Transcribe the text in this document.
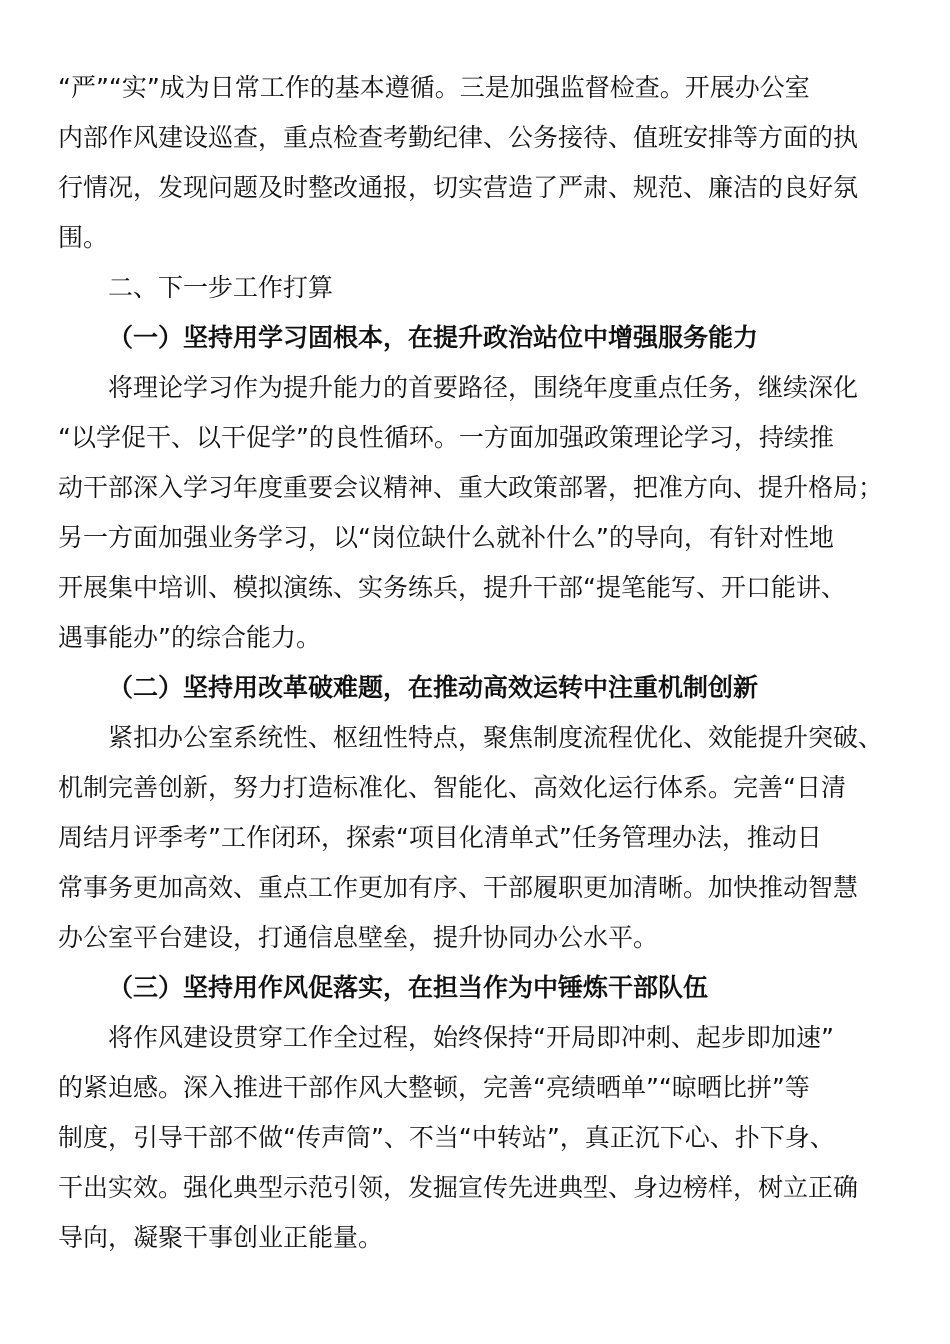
“严”“实”成为日常工作的基本遵循。三是加强监督检查。开展办公室
内部作风建设巡查，重点检查考勤纪律、公务接待、值班安排等方面的执
行情况，发现问题及时整改通报，切实营造了严肃、规范、廉洁的良好氛
围。
二、下一步工作打算
（一）坚持用学习固根本，在提升政治站位中增强服务能力
将理论学习作为提升能力的首要路径，围绕年度重点任务，继续深化
“以学促干、以干促学”的良性循环。一方面加强政策理论学习，持续推
动干部深入学习年度重要会议精神、重大政策部署，把准方向、提升格局；
另一方面加强业务学习，以“岗位缺什么就补什么”的导向，有针对性地
开展集中培训、模拟演练、实务练兵，提升干部“提笔能写、开口能讲、
遇事能办”的综合能力。
（二）坚持用改革破难题，在推动高效运转中注重机制创新
紧扣办公室系统性、枢纽性特点，聚焦制度流程优化、效能提升突破、
机制完善创新，努力打造标准化、智能化、高效化运行体系。完善“日清
周结月评季考”工作闭环，探索“项目化清单式”任务管理办法，推动日
常事务更加高效、重点工作更加有序、干部履职更加清晰。加快推动智慧
办公室平台建设，打通信息壁垒，提升协同办公水平。
（三）坚持用作风促落实，在担当作为中锤炼干部队伍
将作风建设贯穿工作全过程，始终保持“开局即冲刺、起步即加速”
的紧迫感。深入推进干部作风大整顿，完善“亮绩晒单”“晾晒比拼”等
制度，引导干部不做“传声筒”、不当“中转站”，真正沉下心、扑下身、
干出实效。强化典型示范引领，发掘宣传先进典型、身边榜样，树立正确
导向，凝聚干事创业正能量。
